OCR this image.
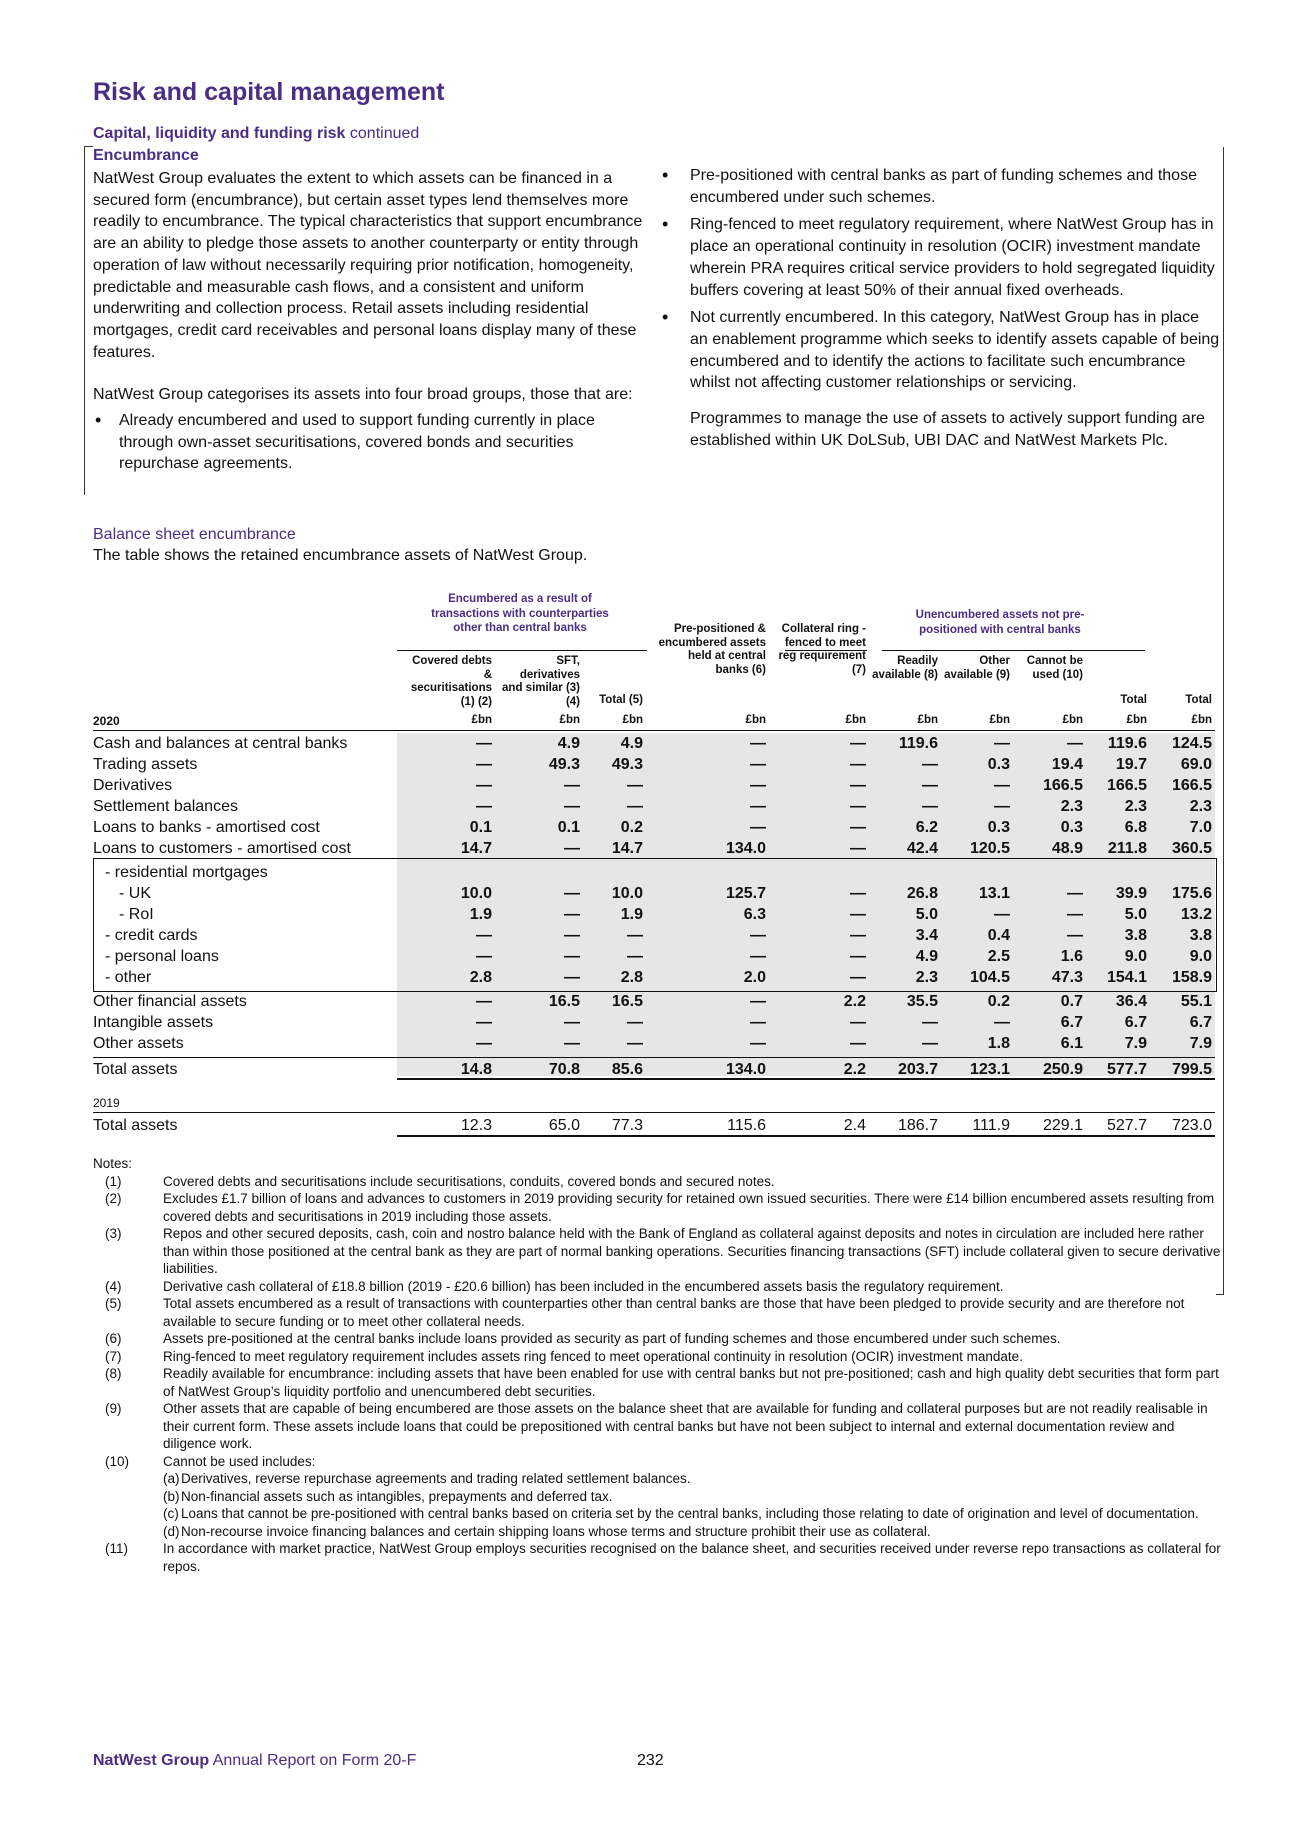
Risk and capital management
Capital, liquidity and funding risk continued
Encumbrance

NatWest Group evaluates the extent to which assets can be financed in a secured form (encumbrance), but certain asset types lend themselves more readily to encumbrance. The typical characteristics that support encumbrance are an ability to pledge those assets to another counterparty or entity through operation of law without necessarily requiring prior notification, homogeneity, predictable and measurable cash flows, and a consistent and uniform underwriting and collection process. Retail assets including residential mortgages, credit card receivables and personal loans display many of these features.

NatWest Group categorises its assets into four broad groups, those that are:

• Already encumbered and used to support funding currently in place through own-asset securitisations, covered bonds and securities repurchase agreements.
• Pre-positioned with central banks as part of funding schemes and those encumbered under such schemes.
• Ring-fenced to meet regulatory requirement, where NatWest Group has in place an operational continuity in resolution (OCIR) investment mandate wherein PRA requires critical service providers to hold segregated liquidity buffers covering at least 50% of their annual fixed overheads.
• Not currently encumbered. In this category, NatWest Group has in place an enablement programme which seeks to identify assets capable of being encumbered and to identify the actions to facilitate such encumbrance whilst not affecting customer relationships or servicing.

Programmes to manage the use of assets to actively support funding are established within UK DoLSub, UBI DAC and NatWest Markets Plc.

Balance sheet encumbrance
The table shows the retained encumbrance assets of NatWest Group.
Encumbered as a result of transactions with counterparties other than central banks
Unencumbered assets not pre-positioned with central banks
Covered debts & securitisations (1) (2)
£bn
SFT, derivatives and similar (3) (4)
£bn
Total (5)
£bn
Pre-positioned & encumbered assets held at central banks (6)
£bn
Collateral ring - fenced to meet reg requirement (7)
£bn
Readily available (8)
£bn
Other available (9)
£bn
Cannot be used (10)
£bn
Total
£bn
Total
£bn
2020
Cash and balances at central banks	—	4.9	4.9	—	—	119.6	—	—	119.6	124.5
Trading assets	—	49.3	49.3	—	—	—	0.3	19.4	19.7	69.0
Derivatives	—	—	—	—	—	—	—	166.5	166.5	166.5
Settlement balances	—	—	—	—	—	—	—	2.3	2.3	2.3
Loans to banks - amortised cost	0.1	0.1	0.2	—	—	6.2	0.3	0.3	6.8	7.0
Loans to customers - amortised cost	14.7	—	14.7	134.0	—	42.4	120.5	48.9	211.8	360.5
- residential mortgages
- UK	10.0	—	10.0	125.7	—	26.8	13.1	—	39.9	175.6
- RoI	1.9	—	1.9	6.3	—	5.0	—	—	5.0	13.2
- credit cards	—	—	—	—	—	3.4	0.4	—	3.8	3.8
- personal loans	—	—	—	—	—	4.9	2.5	1.6	9.0	9.0
- other	2.8	—	2.8	2.0	—	2.3	104.5	47.3	154.1	158.9
Other financial assets	—	16.5	16.5	—	2.2	35.5	0.2	0.7	36.4	55.1
Intangible assets	—	—	—	—	—	—	—	6.7	6.7	6.7
Other assets	—	—	—	—	—	—	1.8	6.1	7.9	7.9
Total assets	14.8	70.8	85.6	134.0	2.2	203.7	123.1	250.9	577.7	799.5
2019
Total assets	12.3	65.0	77.3	115.6	2.4	186.7	111.9	229.1	527.7	723.0
Notes:
(1)	Covered debts and securitisations include securitisations, conduits, covered bonds and secured notes.
(2)	Excludes £1.7 billion of loans and advances to customers in 2019 providing security for retained own issued securities. There were £14 billion encumbered assets resulting from covered debts and securitisations in 2019 including those assets.
(3)	Repos and other secured deposits, cash, coin and nostro balance held with the Bank of England as collateral against deposits and notes in circulation are included here rather than within those positioned at the central bank as they are part of normal banking operations. Securities financing transactions (SFT) include collateral given to secure derivative liabilities.
(4)	Derivative cash collateral of £18.8 billion (2019 - £20.6 billion) has been included in the encumbered assets basis the regulatory requirement.
(5)	Total assets encumbered as a result of transactions with counterparties other than central banks are those that have been pledged to provide security and are therefore not available to secure funding or to meet other collateral needs.
(6)	Assets pre-positioned at the central banks include loans provided as security as part of funding schemes and those encumbered under such schemes.
(7)	Ring-fenced to meet regulatory requirement includes assets ring fenced to meet operational continuity in resolution (OCIR) investment mandate.
(8)	Readily available for encumbrance: including assets that have been enabled for use with central banks but not pre-positioned; cash and high quality debt securities that form part of NatWest Group’s liquidity portfolio and unencumbered debt securities.
(9)	Other assets that are capable of being encumbered are those assets on the balance sheet that are available for funding and collateral purposes but are not readily realisable in their current form. These assets include loans that could be prepositioned with central banks but have not been subject to internal and external documentation review and diligence work.
(10)	Cannot be used includes:
(a) Derivatives, reverse repurchase agreements and trading related settlement balances.
(b) Non-financial assets such as intangibles, prepayments and deferred tax.
(c) Loans that cannot be pre-positioned with central banks based on criteria set by the central banks, including those relating to date of origination and level of documentation.
(d) Non-recourse invoice financing balances and certain shipping loans whose terms and structure prohibit their use as collateral.
(11)	In accordance with market practice, NatWest Group employs securities recognised on the balance sheet, and securities received under reverse repo transactions as collateral for repos.
NatWest Group Annual Report on Form 20-F	232
